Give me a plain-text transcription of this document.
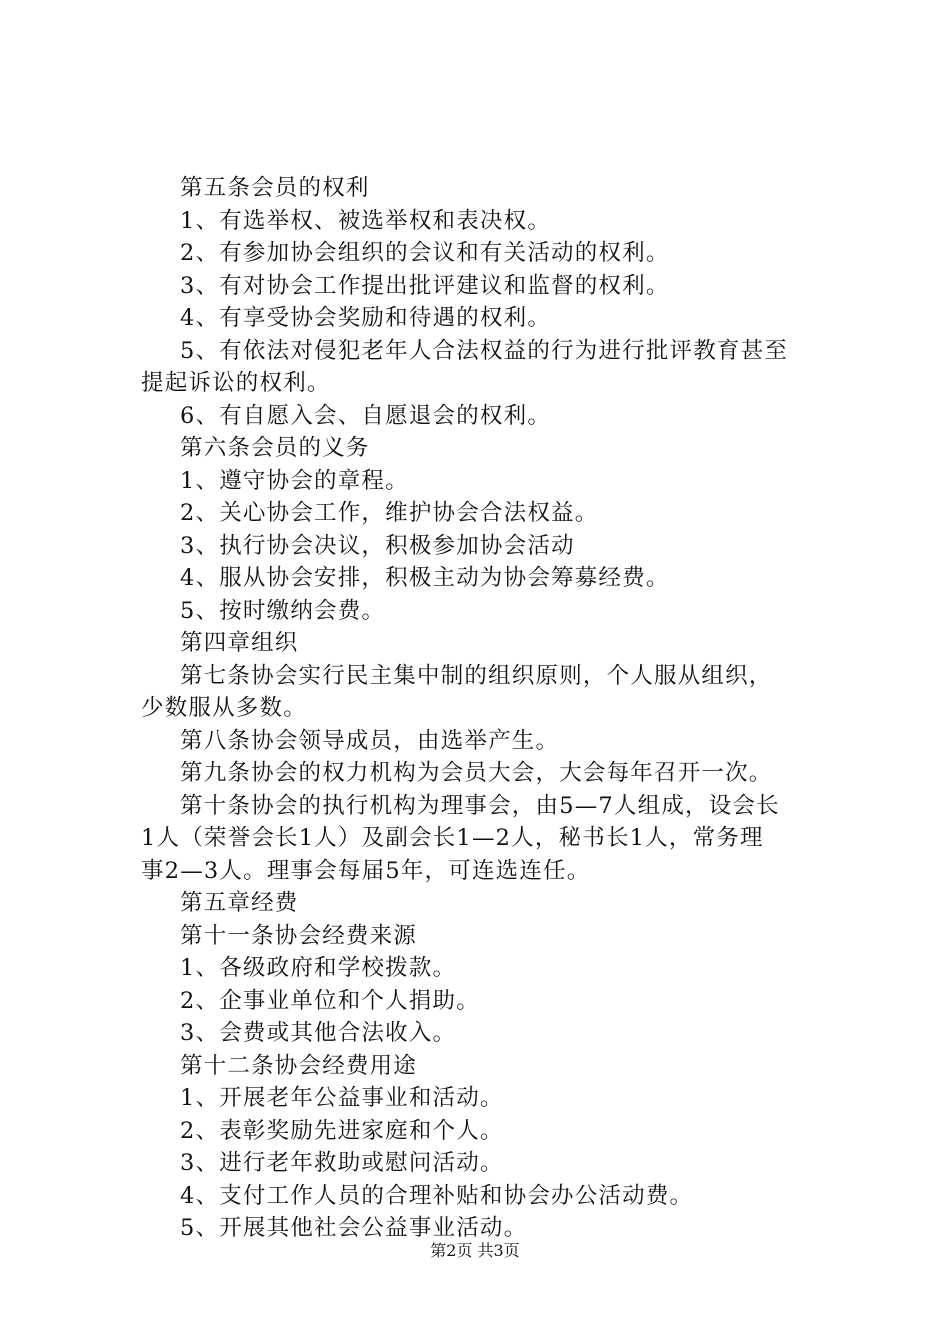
第五条会员的权利
1、有选举权、被选举权和表决权。
2、有参加协会组织的会议和有关活动的权利。
3、有对协会工作提出批评建议和监督的权利。
4、有享受协会奖励和待遇的权利。
5、有依法对侵犯老年人合法权益的行为进行批评教育甚至
提起诉讼的权利。
6、有自愿入会、自愿退会的权利。
第六条会员的义务
1、遵守协会的章程。
2、关心协会工作，维护协会合法权益。
3、执行协会决议，积极参加协会活动
4、服从协会安排，积极主动为协会筹募经费。
5、按时缴纳会费。
第四章组织
第七条协会实行民主集中制的组织原则，个人服从组织，
少数服从多数。
第八条协会领导成员，由选举产生。
第九条协会的权力机构为会员大会，大会每年召开一次。
第十条协会的执行机构为理事会，由5—7人组成，设会长
1人（荣誉会长1人）及副会长1—2人，秘书长1人，常务理
事2—3人。理事会每届5年，可连选连任。
第五章经费
第十一条协会经费来源
1、各级政府和学校拨款。
2、企事业单位和个人捐助。
3、会费或其他合法收入。
第十二条协会经费用途
1、开展老年公益事业和活动。
2、表彰奖励先进家庭和个人。
3、进行老年救助或慰问活动。
4、支付工作人员的合理补贴和协会办公活动费。
5、开展其他社会公益事业活动。
第2页 共3页
